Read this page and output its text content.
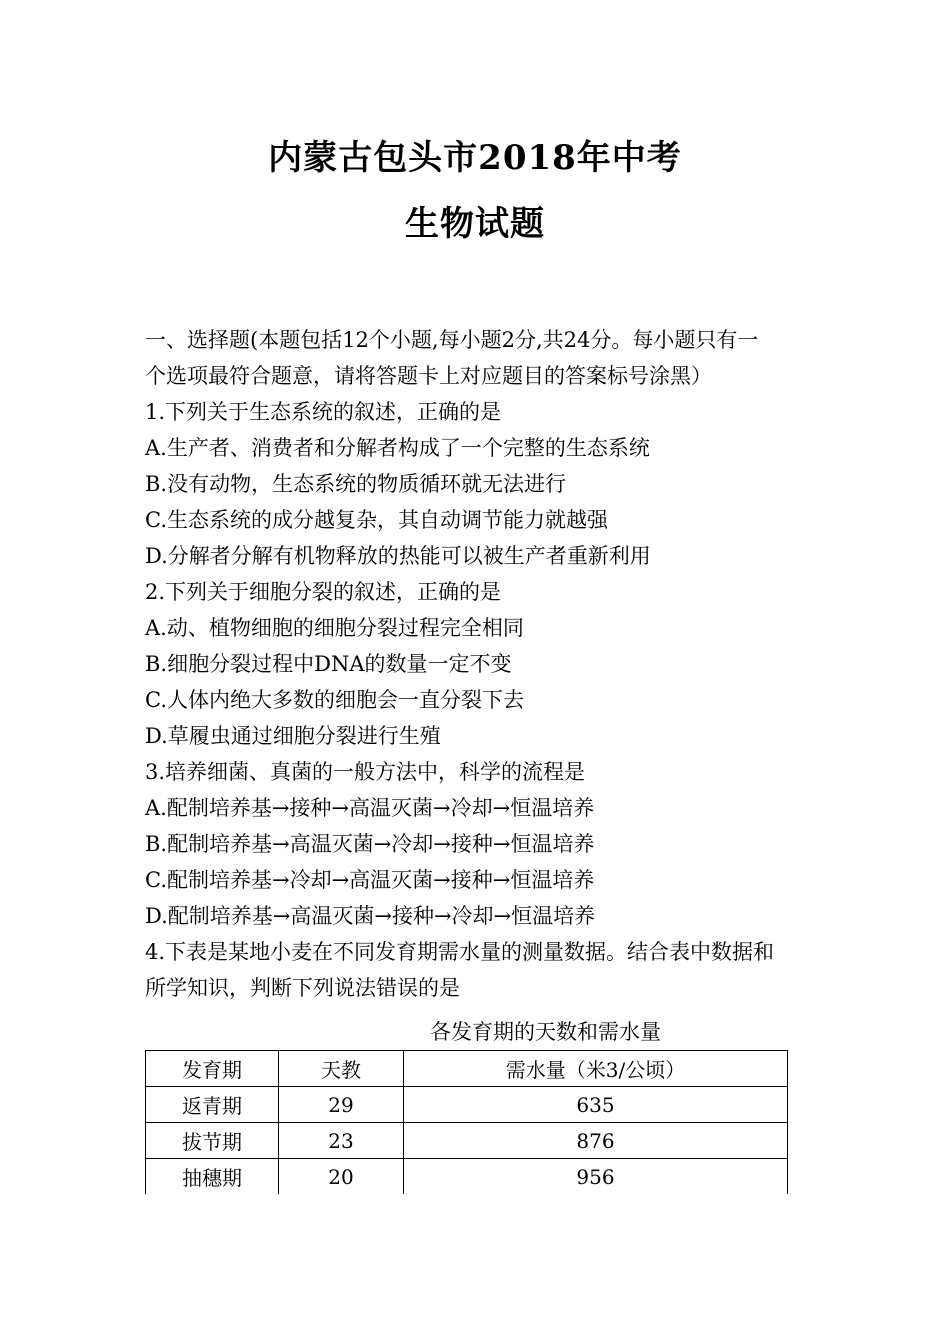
内蒙古包头市2018年中考
生物试题
一、选择题(本题包括12个小题,每小题2分,共24分。每小题只有一
个选项最符合题意，请将答题卡上对应题目的答案标号涂黑）
1.下列关于生态系统的叙述，正确的是
A.生产者、消费者和分解者构成了一个完整的生态系统
B.没有动物，生态系统的物质循环就无法进行
C.生态系统的成分越复杂，其自动调节能力就越强
D.分解者分解有机物释放的热能可以被生产者重新利用
2.下列关于细胞分裂的叙述，正确的是
A.动、植物细胞的细胞分裂过程完全相同
B.细胞分裂过程中DNA的数量一定不变
C.人体内绝大多数的细胞会一直分裂下去
D.草履虫通过细胞分裂进行生殖
3.培养细菌、真菌的一般方法中，科学的流程是
A.配制培养基→接种→高温灭菌→冷却→恒温培养
B.配制培养基→高温灭菌→冷却→接种→恒温培养
C.配制培养基→冷却→高温灭菌→接种→恒温培养
D.配制培养基→高温灭菌→接种→冷却→恒温培养
4.下表是某地小麦在不同发育期需水量的测量数据。结合表中数据和
所学知识，判断下列说法错误的是
各发育期的天数和需水量
发育期	天教	需水量（米3/公顷）
返青期	29	635
拔节期	23	876
抽穗期	20	956
